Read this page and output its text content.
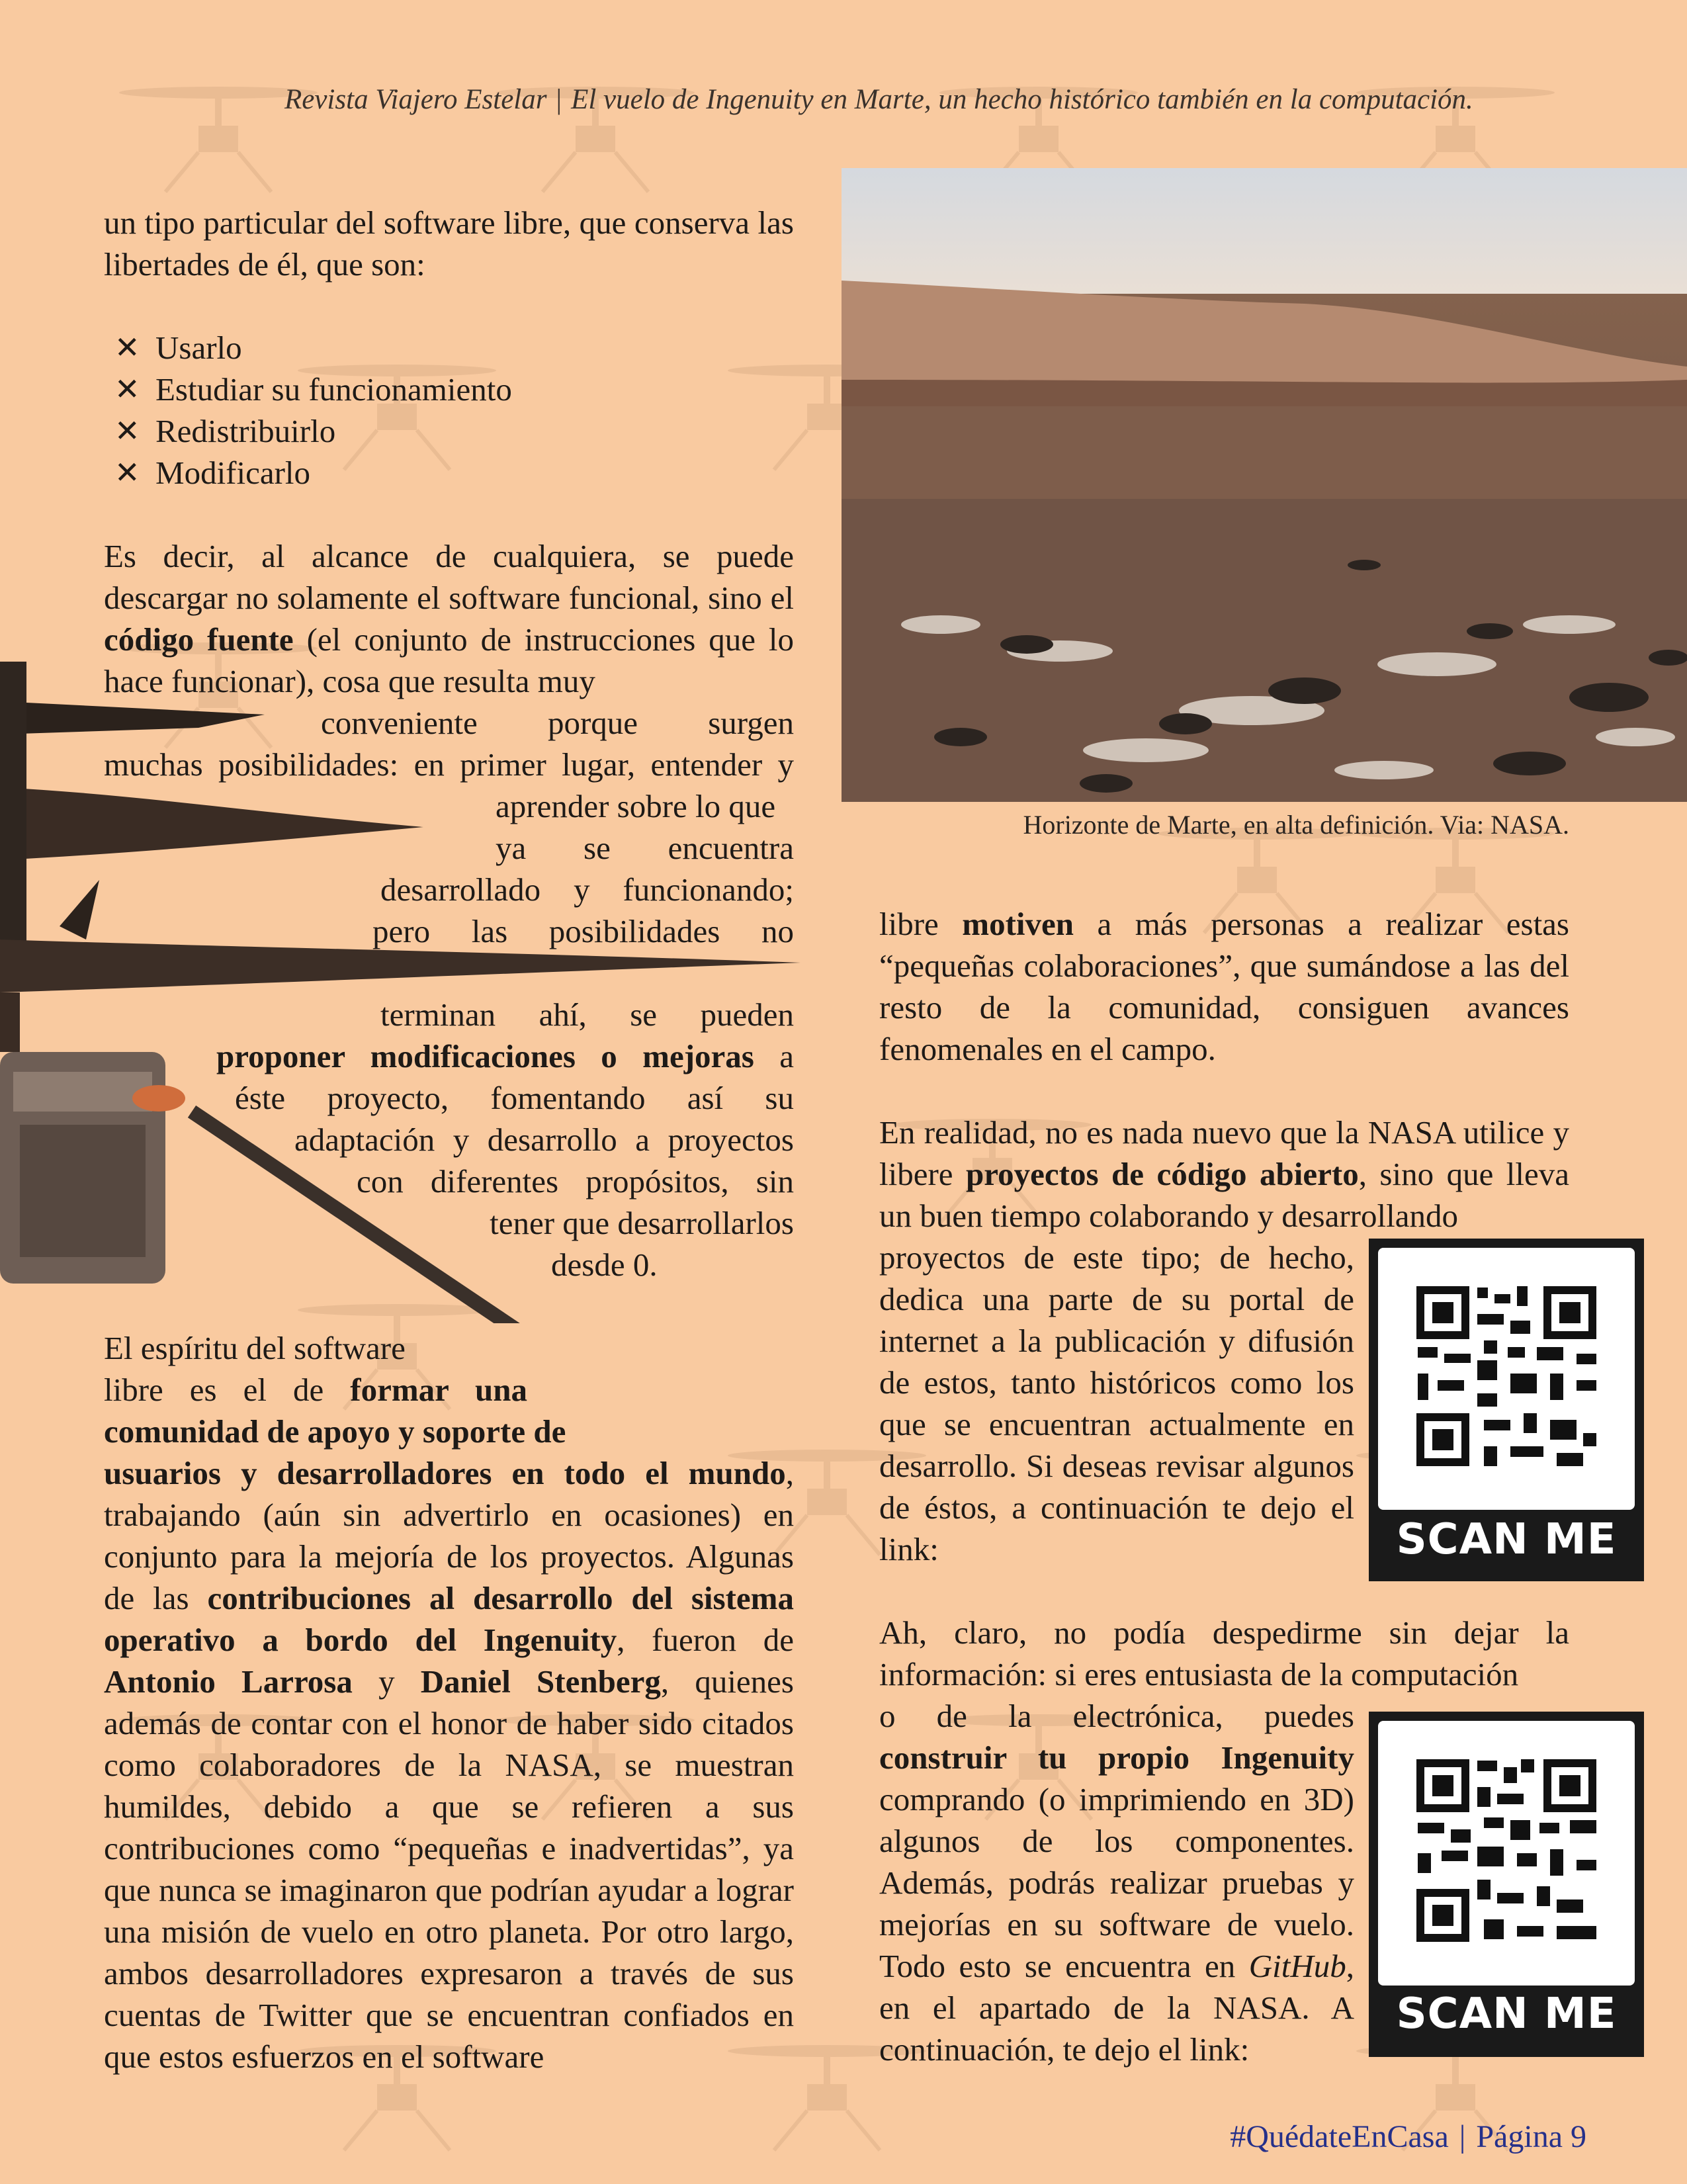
Revista Viajero Estelar | El vuelo de Ingenuity en Marte, un hecho histórico también en la computación.

un tipo particular del software libre, que conserva las libertades de él, que son:

✕ Usarlo
✕ Estudiar su funcionamiento
✕ Redistribuirlo
✕ Modificarlo

Es decir, al alcance de cualquiera, se puede descargar no solamente el software funcional, sino el código fuente (el conjunto de instrucciones que lo hace funcionar), cosa que resulta muy

conveniente porque surgen
muchas posibilidades: en primer lugar, entender y
aprender sobre lo que
ya se encuentra
desarrollado y funcionando;
pero las posibilidades no
terminan ahí, se pueden
proponer modificaciones o mejoras a
éste proyecto, fomentando así su
adaptación y desarrollo a proyectos
con diferentes propósitos, sin
tener que desarrollarlos
desde 0.
El espíritu del software
libre es el de formar una
comunidad de apoyo y soporte de

usuarios y desarrolladores en todo el mundo, trabajando (aún sin advertirlo en ocasiones) en conjunto para la mejoría de los proyectos. Algunas de las contribuciones al desarrollo del sistema operativo a bordo del Ingenuity, fueron de Antonio Larrosa y Daniel Stenberg, quienes además de contar con el honor de haber sido citados como colaboradores de la NASA, se muestran humildes, debido a que se refieren a sus contribuciones como “pequeñas e inadvertidas”, ya que nunca se imaginaron que podrían ayudar a lograr una misión de vuelo en otro planeta. Por otro largo, ambos desarrolladores expresaron a través de sus cuentas de Twitter que se encuentran confiados en que estos esfuerzos en el software

Horizonte de Marte, en alta definición. Via: NASA.

libre motiven a más personas a realizar estas “pequeñas colaboraciones”, que sumándose a las del resto de la comunidad, consiguen avances fenomenales en el campo.

En realidad, no es nada nuevo que la NASA utilice y libere proyectos de código abierto, sino que lleva un buen tiempo colaborando y desarrollando

proyectos de este tipo; de hecho, dedica una parte de su portal de internet a la publicación y difusión de estos, tanto históricos como los que se encuentran actualmente en desarrollo. Si deseas revisar algunos de éstos, a continuación te dejo el link:

Ah, claro, no podía despedirme sin dejar la información: si eres entusiasta de la computación

o de la electrónica, puedes construir tu propio Ingenuity comprando (o imprimiendo en 3D) algunos de los componentes. Además, podrás realizar pruebas y mejorías en su software de vuelo. Todo esto se encuentra en GitHub, en el apartado de la NASA. A continuación, te dejo el link:

SCAN ME
SCAN ME
#QuédateEnCasa | Página 9
